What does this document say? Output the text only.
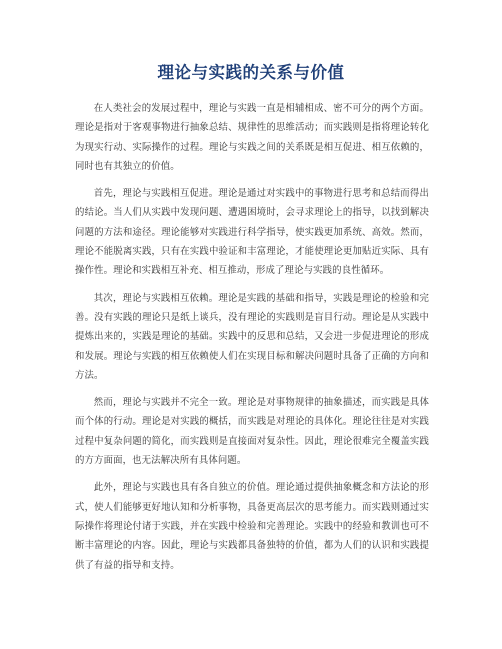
理论与实践的关系与价值

在人类社会的发展过程中，理论与实践一直是相辅相成、密不可分的两个方面。理论是指对于客观事物进行抽象总结、规律性的思维活动；而实践则是指将理论转化为现实行动、实际操作的过程。理论与实践之间的关系既是相互促进、相互依赖的，同时也有其独立的价值。

首先，理论与实践相互促进。理论是通过对实践中的事物进行思考和总结而得出的结论。当人们从实践中发现问题、遭遇困境时，会寻求理论上的指导，以找到解决问题的方法和途径。理论能够对实践进行科学指导，使实践更加系统、高效。然而，理论不能脱离实践，只有在实践中验证和丰富理论，才能使理论更加贴近实际、具有操作性。理论和实践相互补充、相互推动，形成了理论与实践的良性循环。

其次，理论与实践相互依赖。理论是实践的基础和指导，实践是理论的检验和完善。没有实践的理论只是纸上谈兵，没有理论的实践则是盲目行动。理论是从实践中提炼出来的，实践是理论的基础。实践中的反思和总结，又会进一步促进理论的形成和发展。理论与实践的相互依赖使人们在实现目标和解决问题时具备了正确的方向和方法。

然而，理论与实践并不完全一致。理论是对事物规律的抽象描述，而实践是具体而个体的行动。理论是对实践的概括，而实践是对理论的具体化。理论往往是对实践过程中复杂问题的简化，而实践则是直接面对复杂性。因此，理论很难完全覆盖实践的方方面面，也无法解决所有具体问题。

此外，理论与实践也具有各自独立的价值。理论通过提供抽象概念和方法论的形式，使人们能够更好地认知和分析事物，具备更高层次的思考能力。而实践则通过实际操作将理论付诸于实践，并在实践中检验和完善理论。实践中的经验和教训也可不断丰富理论的内容。因此，理论与实践都具备独特的价值，都为人们的认识和实践提供了有益的指导和支持。
